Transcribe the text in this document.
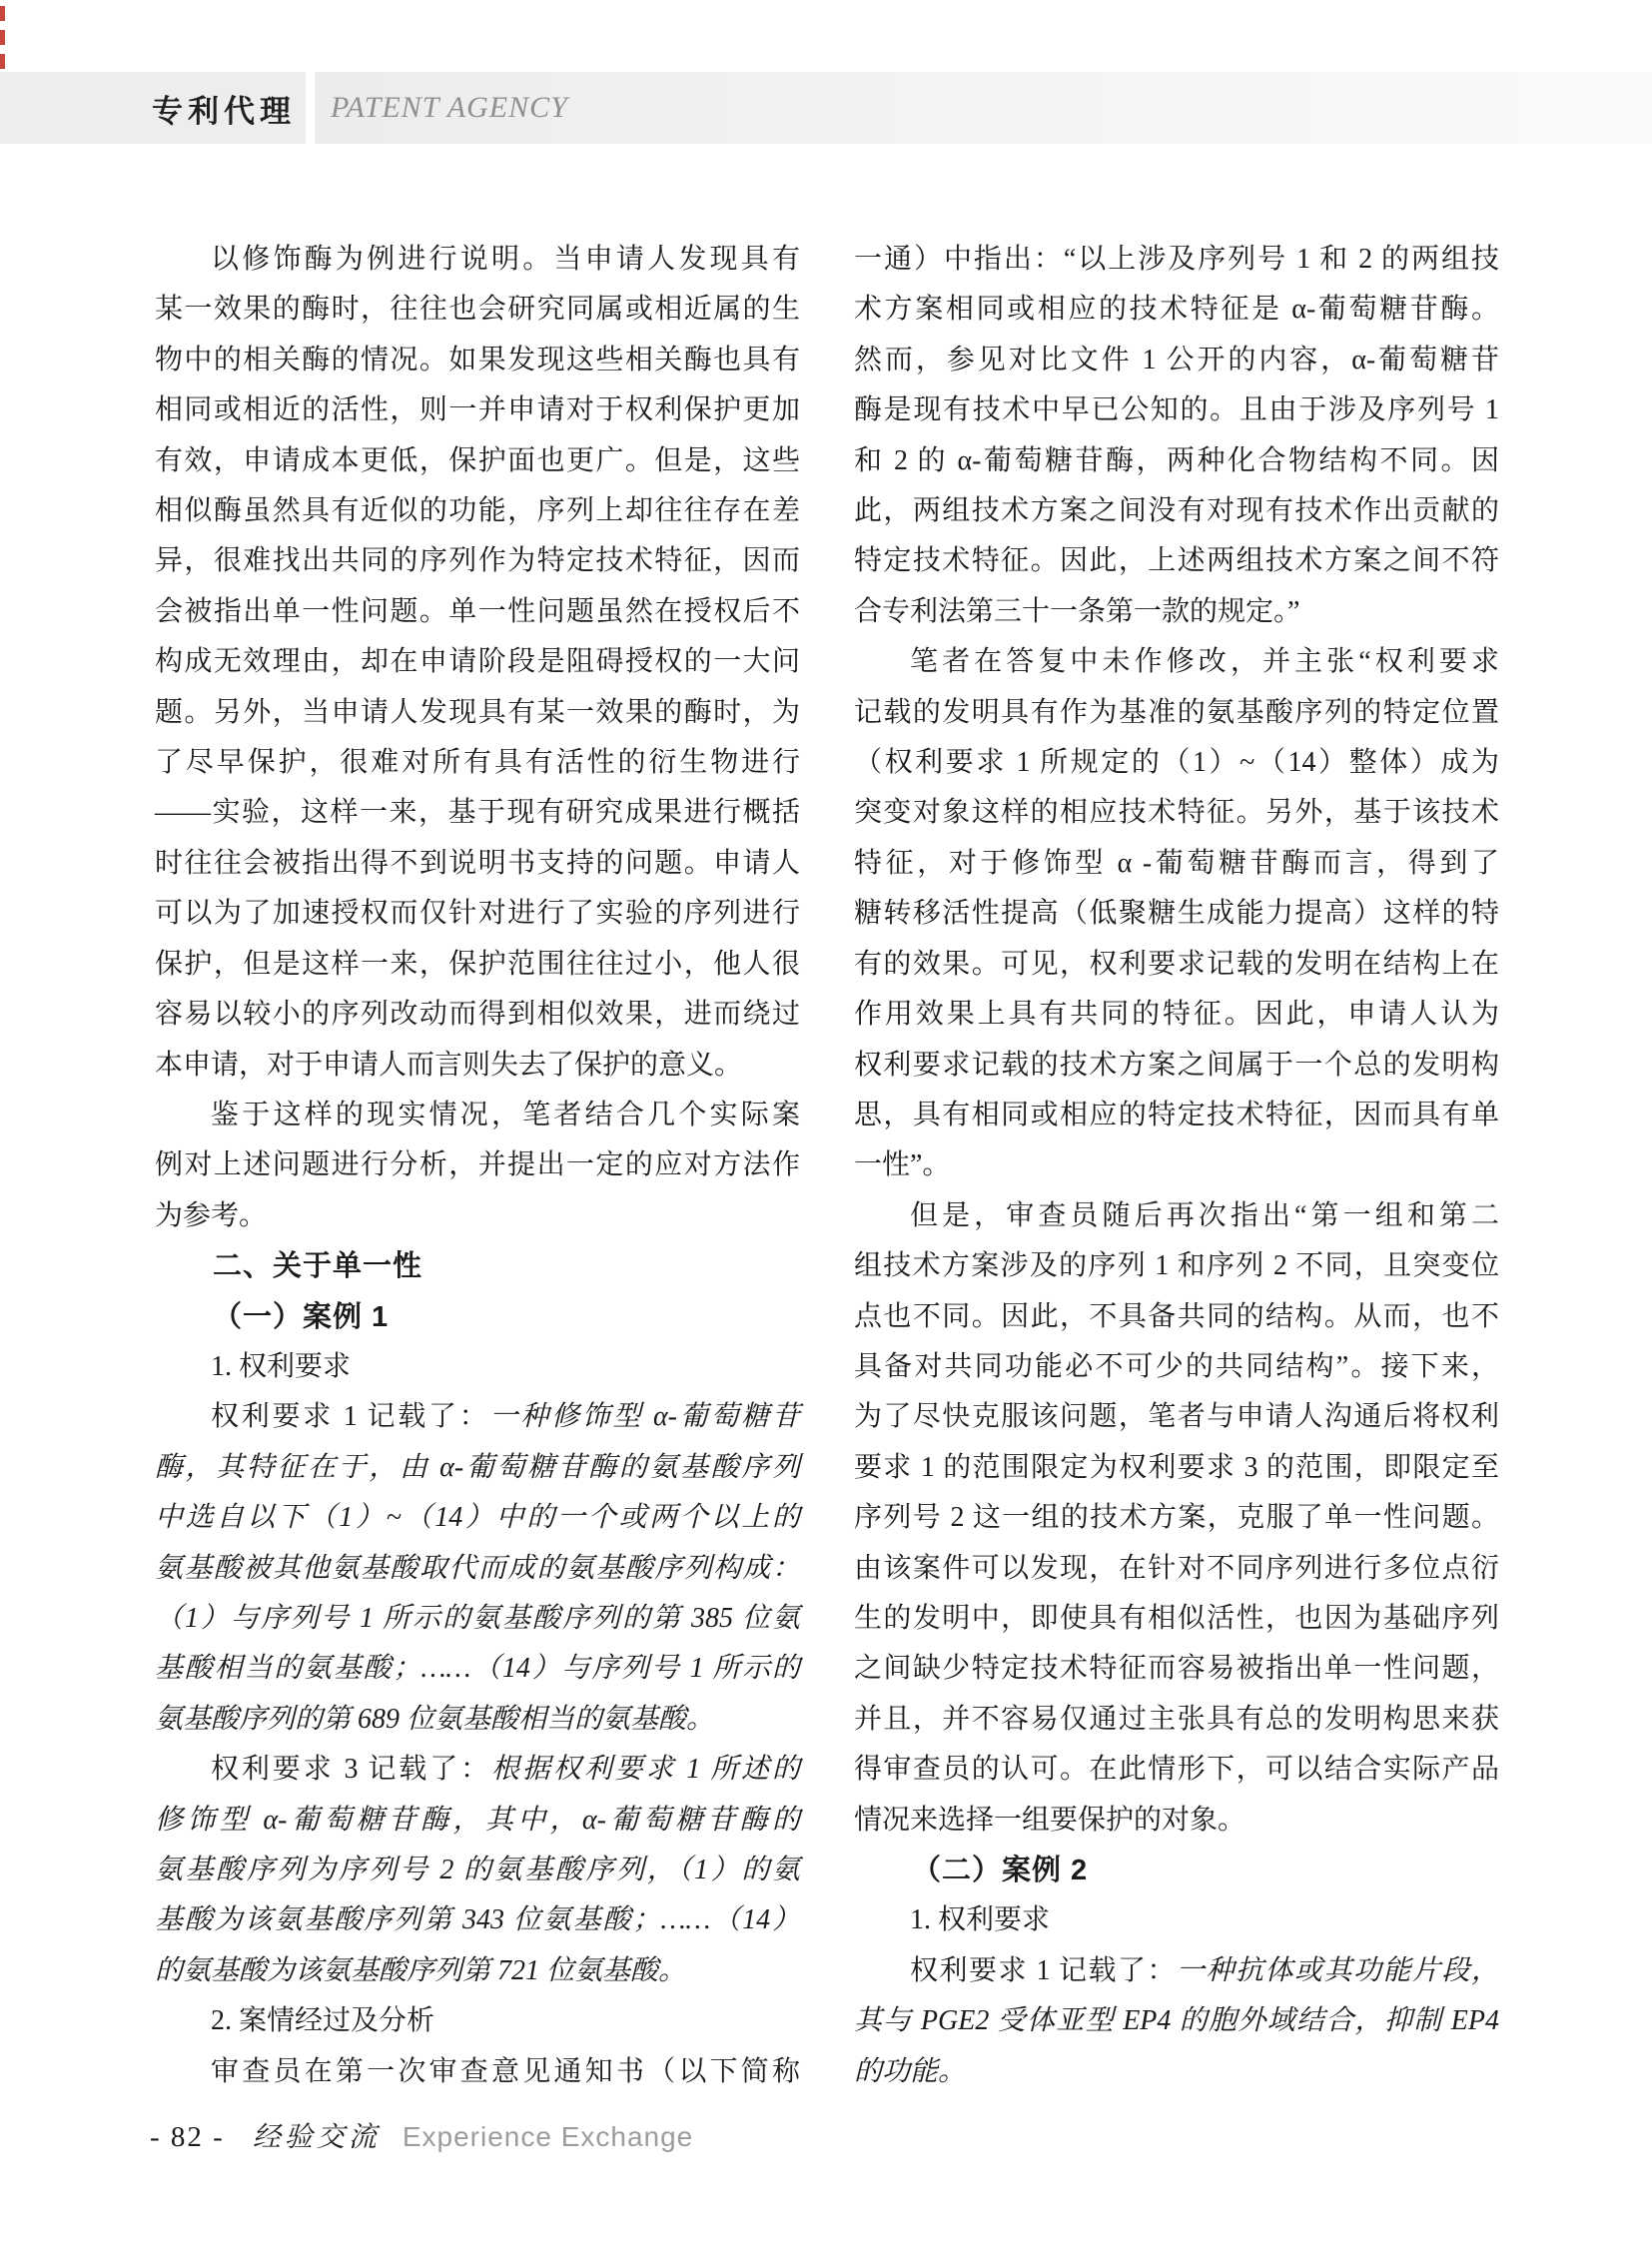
专利代理 PATENT AGENCY
以修饰酶为例进行说明。当申请人发现具有
某一效果的酶时，往往也会研究同属或相近属的生
物中的相关酶的情况。如果发现这些相关酶也具有
相同或相近的活性，则一并申请对于权利保护更加
有效，申请成本更低，保护面也更广。但是，这些
相似酶虽然具有近似的功能，序列上却往往存在差
异，很难找出共同的序列作为特定技术特征，因而
会被指出单一性问题。单一性问题虽然在授权后不
构成无效理由，却在申请阶段是阻碍授权的一大问
题。另外，当申请人发现具有某一效果的酶时，为
了尽早保护，很难对所有具有活性的衍生物进行
——实验，这样一来，基于现有研究成果进行概括
时往往会被指出得不到说明书支持的问题。申请人
可以为了加速授权而仅针对进行了实验的序列进行
保护，但是这样一来，保护范围往往过小，他人很
容易以较小的序列改动而得到相似效果，进而绕过
本申请，对于申请人而言则失去了保护的意义。
鉴于这样的现实情况，笔者结合几个实际案
例对上述问题进行分析，并提出一定的应对方法作
为参考。
二、关于单一性
（一）案例 1
1. 权利要求
权利要求 1 记载了：一种修饰型 α-葡萄糖苷
酶，其特征在于，由 α-葡萄糖苷酶的氨基酸序列
中选自以下（1）~（14）中的一个或两个以上的
氨基酸被其他氨基酸取代而成的氨基酸序列构成：
（1）与序列号 1 所示的氨基酸序列的第 385 位氨
基酸相当的氨基酸；……（14）与序列号 1 所示的
氨基酸序列的第 689 位氨基酸相当的氨基酸。
权利要求 3 记载了：根据权利要求 1 所述的
修饰型 α-葡萄糖苷酶，其中，α-葡萄糖苷酶的
氨基酸序列为序列号 2 的氨基酸序列，（1）的氨
基酸为该氨基酸序列第 343 位氨基酸；……（14）
的氨基酸为该氨基酸序列第 721 位氨基酸。
2. 案情经过及分析
审查员在第一次审查意见通知书（以下简称
一通）中指出：“以上涉及序列号 1 和 2 的两组技
术方案相同或相应的技术特征是 α-葡萄糖苷酶。
然而，参见对比文件 1 公开的内容，α-葡萄糖苷
酶是现有技术中早已公知的。且由于涉及序列号 1
和 2 的 α-葡萄糖苷酶，两种化合物结构不同。因
此，两组技术方案之间没有对现有技术作出贡献的
特定技术特征。因此，上述两组技术方案之间不符
合专利法第三十一条第一款的规定。”
笔者在答复中未作修改，并主张“权利要求
记载的发明具有作为基准的氨基酸序列的特定位置
（权利要求 1 所规定的（1）~（14）整体）成为
突变对象这样的相应技术特征。另外，基于该技术
特征，对于修饰型 α -葡萄糖苷酶而言，得到了
糖转移活性提高（低聚糖生成能力提高）这样的特
有的效果。可见，权利要求记载的发明在结构上在
作用效果上具有共同的特征。因此，申请人认为
权利要求记载的技术方案之间属于一个总的发明构
思，具有相同或相应的特定技术特征，因而具有单
一性”。
但是，审查员随后再次指出“第一组和第二
组技术方案涉及的序列 1 和序列 2 不同，且突变位
点也不同。因此，不具备共同的结构。从而，也不
具备对共同功能必不可少的共同结构”。接下来，
为了尽快克服该问题，笔者与申请人沟通后将权利
要求 1 的范围限定为权利要求 3 的范围，即限定至
序列号 2 这一组的技术方案，克服了单一性问题。
由该案件可以发现，在针对不同序列进行多位点衍
生的发明中，即使具有相似活性，也因为基础序列
之间缺少特定技术特征而容易被指出单一性问题，
并且，并不容易仅通过主张具有总的发明构思来获
得审查员的认可。在此情形下，可以结合实际产品
情况来选择一组要保护的对象。
（二）案例 2
1. 权利要求
权利要求 1 记载了：一种抗体或其功能片段，
其与 PGE2 受体亚型 EP4 的胞外域结合，抑制 EP4
的功能。
- 82 - 经验交流 Experience Exchange
